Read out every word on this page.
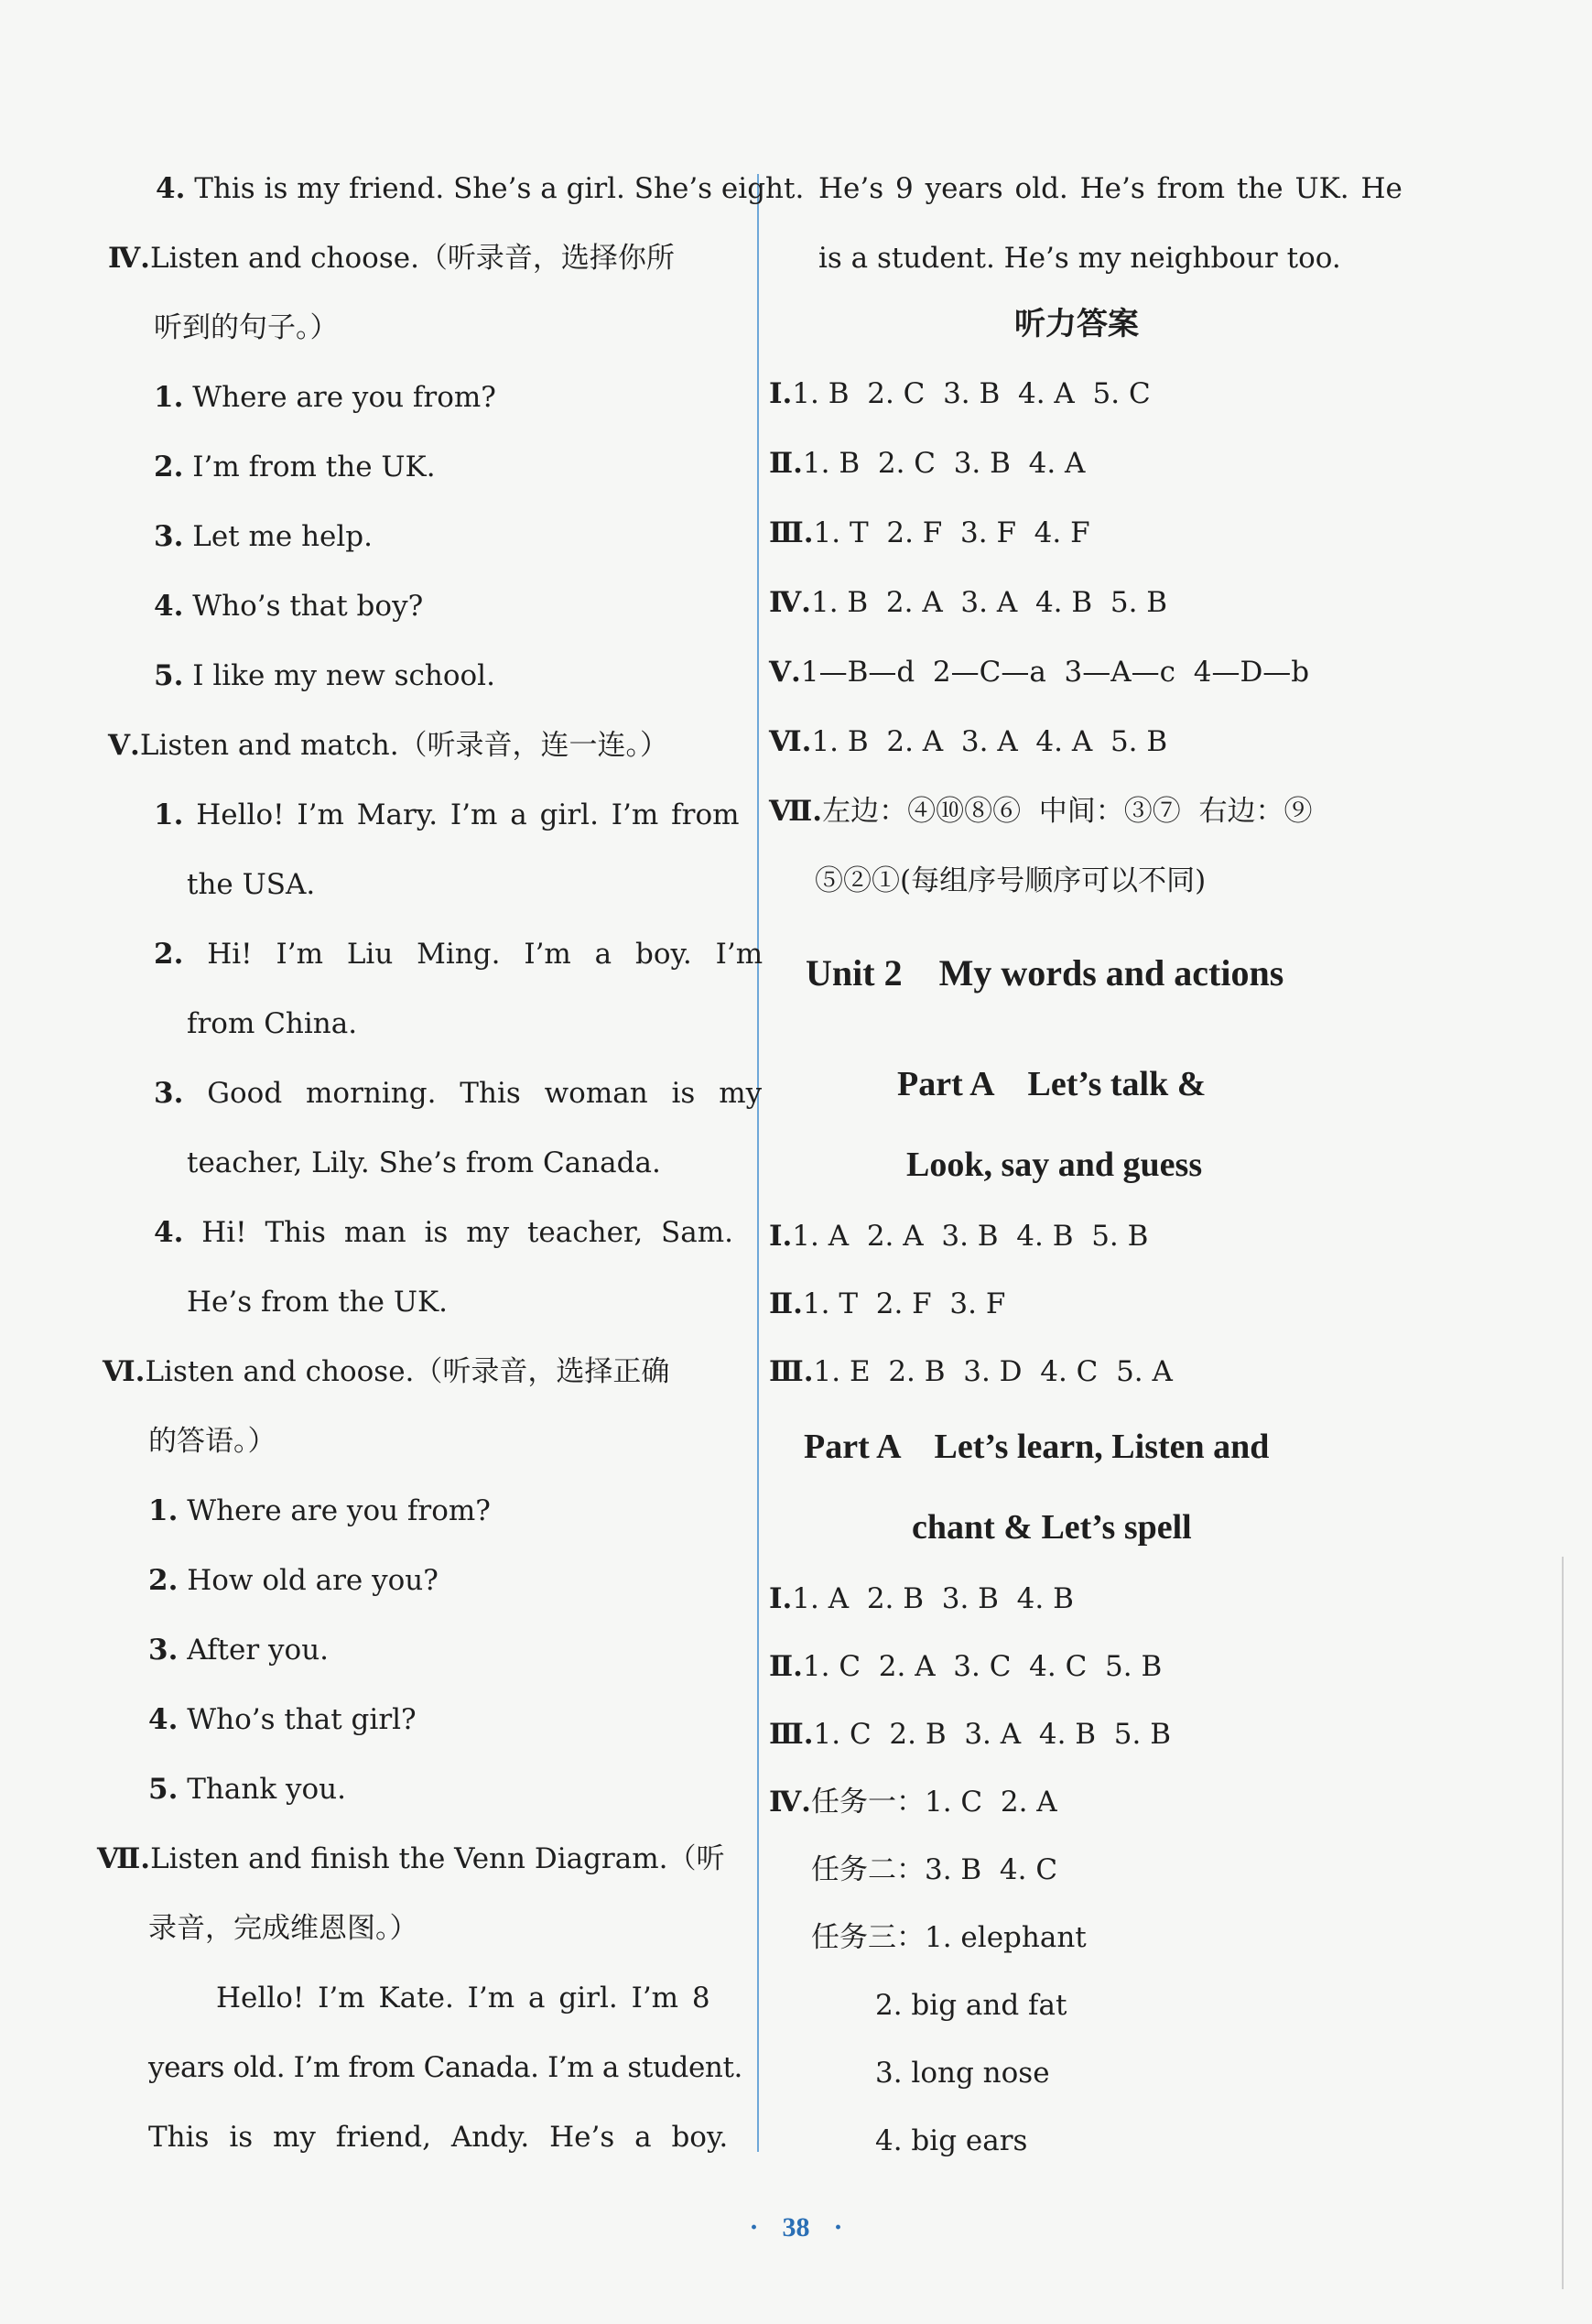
4. This is my friend. She’s a girl. She’s eight.
Ⅳ.Listen and choose.（听录音，选择你所
听到的句子。）
1. Where are you from?
2. I’m from the UK.
3. Let me help.
4. Who’s that boy?
5. I like my new school.
Ⅴ.Listen and match.（听录音，连一连。）
1. Hello! I’m Mary. I’m a girl. I’m from
the USA.
2. Hi! I’m Liu Ming. I’m a boy. I’m
from China.
3. Good morning. This woman is my
teacher, Lily. She’s from Canada.
4. Hi! This man is my teacher, Sam.
He’s from the UK.
Ⅵ.Listen and choose.（听录音，选择正确
的答语。）
1. Where are you from?
2. How old are you?
3. After you.
4. Who’s that girl?
5. Thank you.
Ⅶ.Listen and finish the Venn Diagram.（听
录音，完成维恩图。）
Hello! I’m Kate. I’m a girl. I’m 8
years old. I’m from Canada. I’m a student.
This is my friend, Andy. He’s a boy.
He’s 9 years old. He’s from the UK. He
is a student. He’s my neighbour too.
听力答案
Ⅰ.1. B  2. C  3. B  4. A  5. C
Ⅱ.1. B  2. C  3. B  4. A
Ⅲ.1. T  2. F  3. F  4. F
Ⅳ.1. B  2. A  3. A  4. B  5. B
Ⅴ.1—B—d  2—C—a  3—A—c  4—D—b
Ⅵ.1. B  2. A  3. A  4. A  5. B
Ⅶ.左边：④⑩⑧⑥  中间：③⑦  右边：⑨
⑤②①(每组序号顺序可以不同)
Unit 2    My words and actions
Part A    Let’s talk &
Look, say and guess
Ⅰ.1. A  2. A  3. B  4. B  5. B
Ⅱ.1. T  2. F  3. F
Ⅲ.1. E  2. B  3. D  4. C  5. A
Part A    Let’s learn, Listen and
chant & Let’s spell
Ⅰ.1. A  2. B  3. B  4. B
Ⅱ.1. C  2. A  3. C  4. C  5. B
Ⅲ.1. C  2. B  3. A  4. B  5. B
Ⅳ.任务一：1. C  2. A
任务二：3. B  4. C
任务三：1. elephant
2. big and fat
3. long nose
4. big ears
· 38 ·
